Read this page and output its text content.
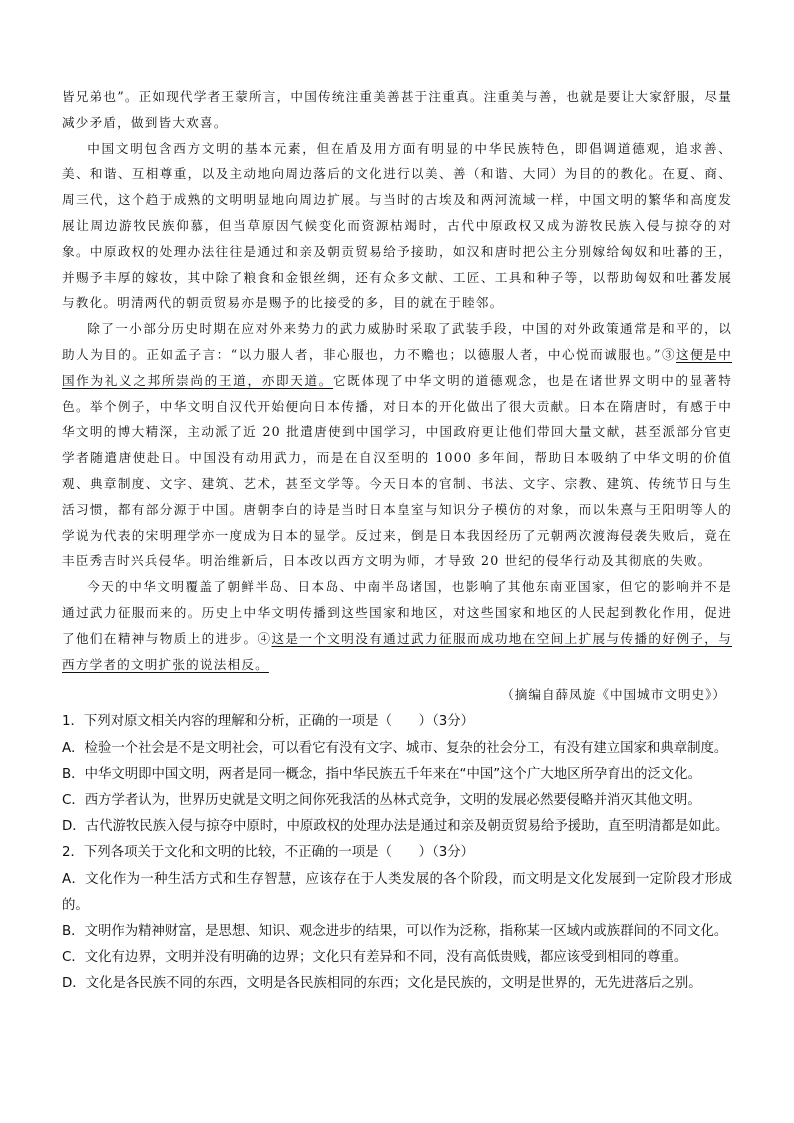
皆兄弟也”。正如现代学者王蒙所言，中国传统注重美善甚于注重真。注重美与善，也就是要让大家舒服，尽量减少矛盾，做到皆大欢喜。

中国文明包含西方文明的基本元素，但在盾及用方面有明显的中华民族特色，即倡调道德观，追求善、美、和谐、互相尊重，以及主动地向周边落后的文化进行以美、善（和谐、大同）为目的的教化。在夏、商、周三代，这个趋于成熟的文明明显地向周边扩展。与当时的古埃及和两河流域一样，中国文明的繁华和高度发展让周边游牧民族仰慕，但当草原因气候变化而资源枯竭时，古代中原政权又成为游牧民族入侵与掠夺的对象。中原政权的处理办法往往是通过和亲及朝贡贸易给予接助，如汉和唐时把公主分别嫁给匈奴和吐蕃的王，并赐予丰厚的嫁妆，其中除了粮食和金银丝绸，还有众多文献、工匠、工具和种子等，以帮助匈奴和吐蕃发展与教化。明清两代的朝贡贸易亦是赐予的比接受的多，目的就在于睦邻。

除了一小部分历史时期在应对外来势力的武力威胁时采取了武装手段，中国的对外政策通常是和平的，以助人为目的。正如孟子言：“以力服人者，非心服也，力不赡也；以德服人者，中心悦而诚服也。”③这便是中国作为礼义之邦所崇尚的王道，亦即天道。它既体现了中华文明的道德观念，也是在诸世界文明中的显著特色。举个例子，中华文明自汉代开始便向日本传播，对日本的开化做出了很大贡献。日本在隋唐时，有感于中华文明的博大精深，主动派了近 20 批遣唐使到中国学习，中国政府更让他们带回大量文献，甚至派部分官吏学者随遣唐使赴日。中国没有动用武力，而是在自汉至明的 1000 多年间，帮助日本吸纳了中华文明的价值观、典章制度、文字、建筑、艺术，甚至文学等。今天日本的官制、书法、文字、宗教、建筑、传统节日与生活习惯，都有部分源于中国。唐朝李白的诗是当时日本皇室与知识分子模仿的对象，而以朱熹与王阳明等人的学说为代表的宋明理学亦一度成为日本的显学。反过来，倒是日本我因经历了元朝两次渡海侵袭失败后，竟在丰臣秀吉时兴兵侵华。明治维新后，日本改以西方文明为师，才导致 20 世纪的侵华行动及其彻底的失败。

今天的中华文明覆盖了朝鲜半岛、日本岛、中南半岛诸国，也影响了其他东南亚国家，但它的影响并不是通过武力征服而来的。历史上中华文明传播到这些国家和地区，对这些国家和地区的人民起到教化作用，促进了他们在精神与物质上的进步。④这是一个文明没有通过武力征服而成功地在空间上扩展与传播的好例子，与西方学者的文明扩张的说法相反。

（摘编自薛凤旋《中国城市文明史》）

1．下列对原文相关内容的理解和分析，正确的一项是（　　）（3分）

A．检验一个社会是不是文明社会，可以看它有没有文字、城市、复杂的社会分工，有没有建立国家和典章制度。

B．中华文明即中国文明，两者是同一概念，指中华民族五千年来在“中国”这个广大地区所孕育出的泛文化。

C．西方学者认为，世界历史就是文明之间你死我活的丛林式竞争，文明的发展必然要侵略并消灭其他文明。

D．古代游牧民族入侵与掠夺中原时，中原政权的处理办法是通过和亲及朝贡贸易给予援助，直至明清都是如此。

2．下列各项关于文化和文明的比较，不正确的一项是（　　）（3分）

A．文化作为一种生活方式和生存智慧，应该存在于人类发展的各个阶段，而文明是文化发展到一定阶段才形成的。

B．文明作为精神财富，是思想、知识、观念进步的结果，可以作为泛称，指称某一区域内或族群间的不同文化。

C．文化有边界，文明并没有明确的边界；文化只有差异和不同，没有高低贵贱，都应该受到相同的尊重。

D．文化是各民族不同的东西，文明是各民族相同的东西；文化是民族的，文明是世界的，无先进落后之别。
